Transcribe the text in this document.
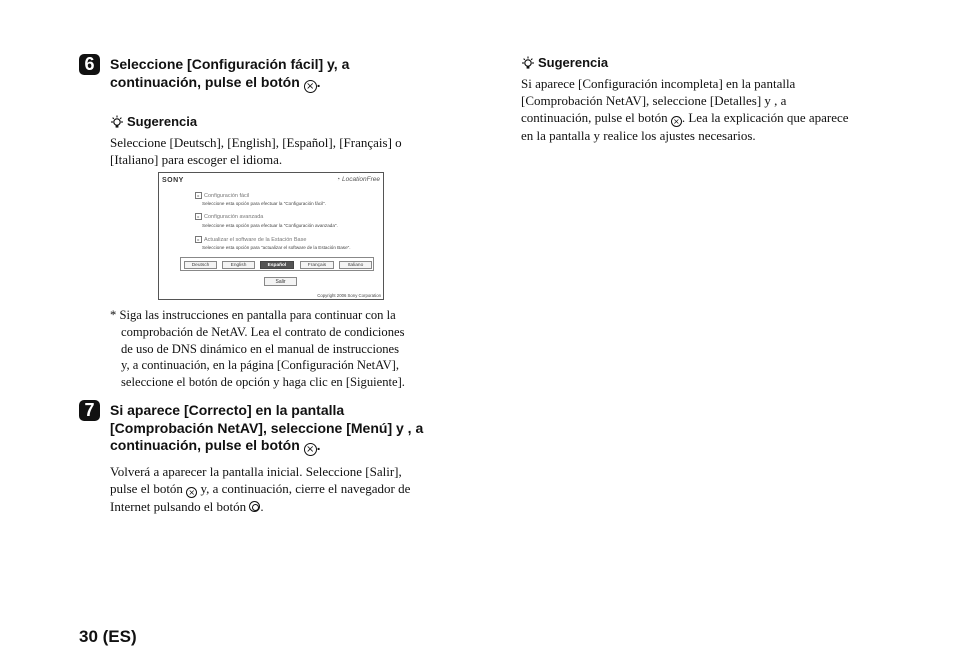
6	Seleccione [Configuración fácil] y, a
continuación, pulse el botón × .
Sugerencia

Seleccione [Deutsch], [English], [Español], [Français] o

[Italiano] para escoger el idioma.

SONY	◔ LocationFree
▸ Configuración fácil
Seleccione esta opción para efectuar la "Configuración fácil".
▸ Configuración avanzada
Seleccione esta opción para efectuar la "Configuración avanzada".
▸ Actualizar el software de la Estación Base
Seleccione esta opción para "actualizar el software de la Estación Base".
Deutsch	English	Español	Français	Italiano
Salir
Copyright 2006 Sony Corporation

* Siga las instrucciones en pantalla para continuar con la

comprobación de NetAV. Lea el contrato de condiciones

de uso de DNS dinámico en el manual de instrucciones

y, a continuación, en la página [Configuración NetAV],

seleccione el botón de opción y haga clic en [Siguiente].

7	Si aparece [Correcto] en la pantalla
[Comprobación NetAV], seleccione [Menú] y , a
continuación, pulse el botón × .

Volverá a aparecer la pantalla inicial. Seleccione [Salir],

pulse el botón × y, a continuación, cierre el navegador de

Internet pulsando el botón .

Sugerencia

Si aparece [Configuración incompleta] en la pantalla

[Comprobación NetAV], seleccione [Detalles] y , a

continuación, pulse el botón × . Lea la explicación que aparece

en la pantalla y realice los ajustes necesarios.

30 (ES)
